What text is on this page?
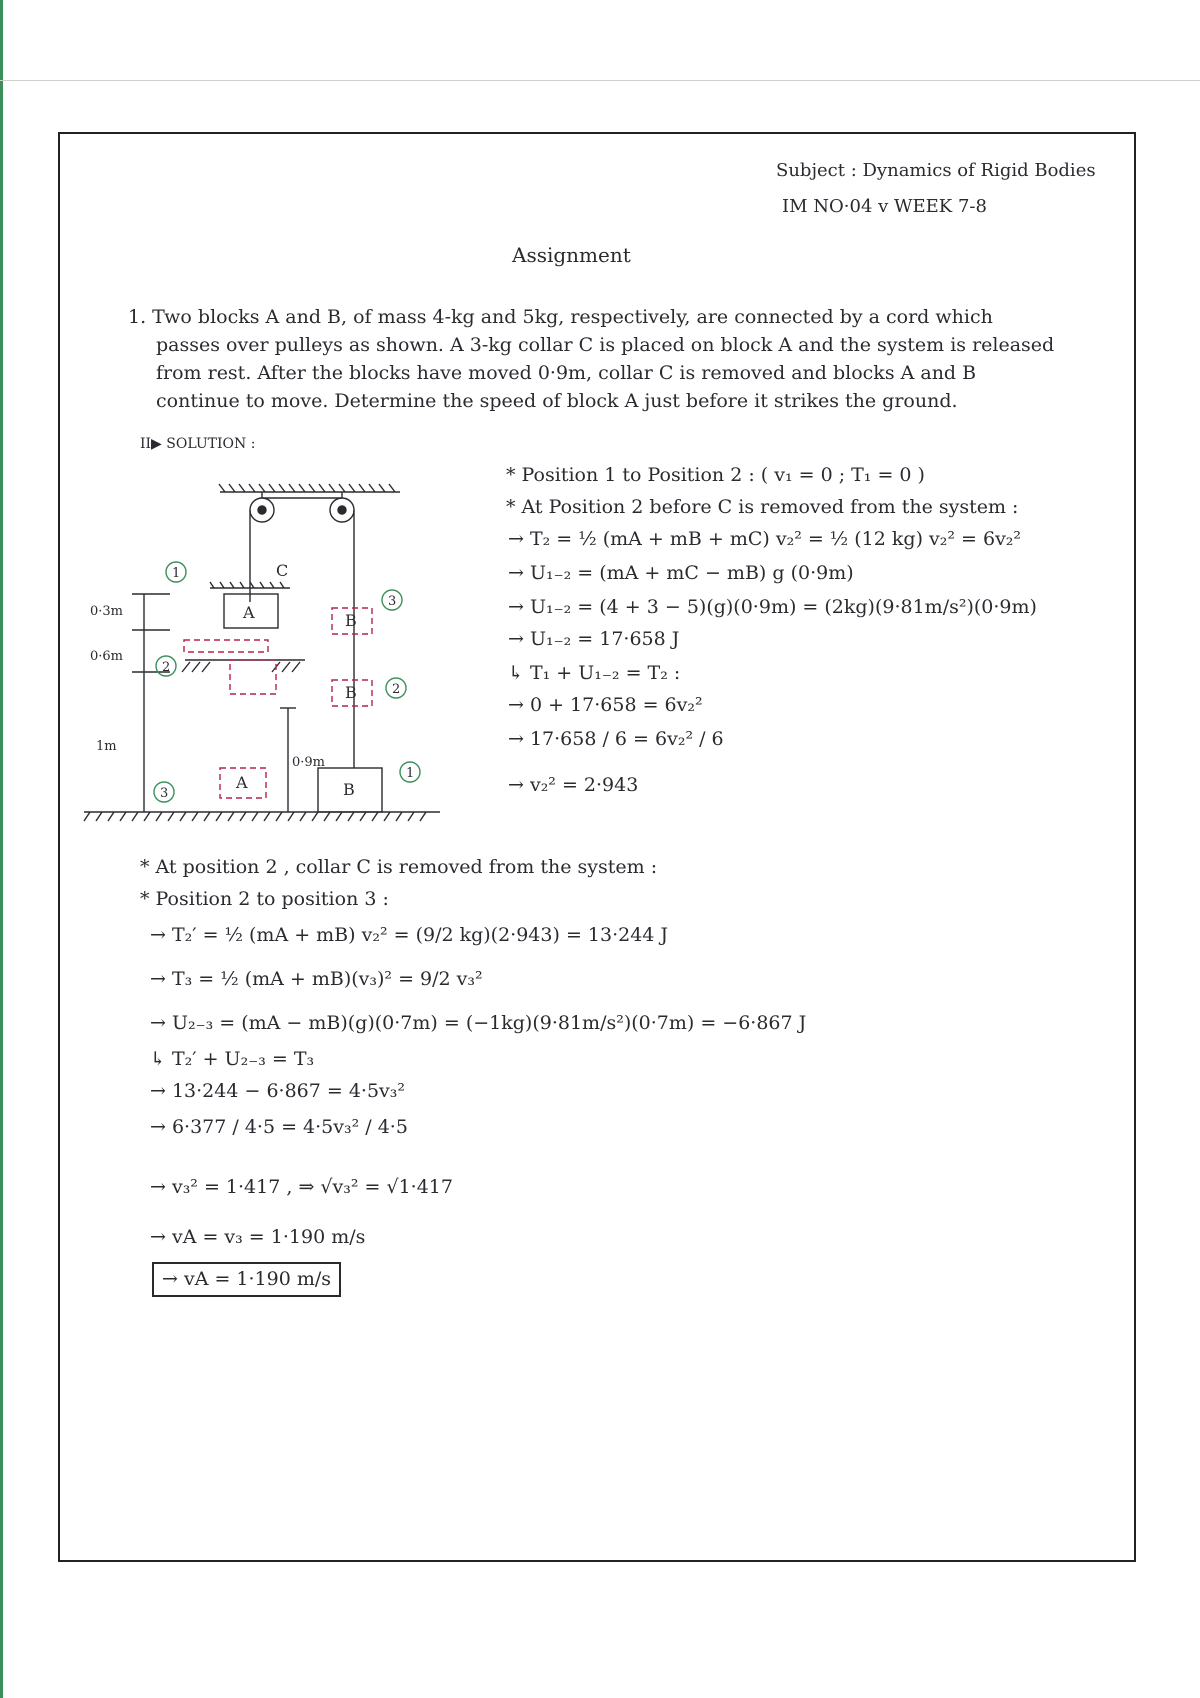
Subject : Dynamics of Rigid Bodies
IM NO·04 v WEEK 7-8
Assignment
1. Two blocks A and B, of mass 4-kg and 5kg, respectively, are connected by a cord which
passes over pulleys as shown. A 3-kg collar C is placed on block A and the system is released
from rest. After the blocks have moved 0·9m, collar C is removed and blocks A and B
continue to move. Determine the speed of block A just before it strikes the ground.
II▶ SOLUTION :
C
A
A
B
B
B
0·3m
0·6m
1m
0·9m
1
2
3
3
2
1
* Position 1 to Position 2 : ( v₁ = 0 ; T₁ = 0 )
* At Position 2 before C is removed from the system :
→ T₂ = ½ (mA + mB + mC) v₂² = ½ (12 kg) v₂² = 6v₂²
→ U₁₋₂ = (mA + mC − mB) g (0·9m)
→ U₁₋₂ = (4 + 3 − 5)(g)(0·9m) = (2kg)(9·81m/s²)(0·9m)
→ U₁₋₂ = 17·658 J
↳ T₁ + U₁₋₂ = T₂ :
→ 0 + 17·658 = 6v₂²
→ 17·658 / 6 = 6v₂² / 6
→ v₂² = 2·943
* At position 2 , collar C is removed from the system :
* Position 2 to position 3 :
→ T₂′ = ½ (mA + mB) v₂² = (9/2 kg)(2·943) = 13·244 J
→ T₃ = ½ (mA + mB)(v₃)² = 9/2 v₃²
→ U₂₋₃ = (mA − mB)(g)(0·7m) = (−1kg)(9·81m/s²)(0·7m) = −6·867 J
↳ T₂′ + U₂₋₃ = T₃
→ 13·244 − 6·867 = 4·5v₃²
→ 6·377 / 4·5 = 4·5v₃² / 4·5
→ v₃² = 1·417 , ⇒ √v₃² = √1·417
→ vA = v₃ = 1·190 m/s
→ vA = 1·190 m/s
